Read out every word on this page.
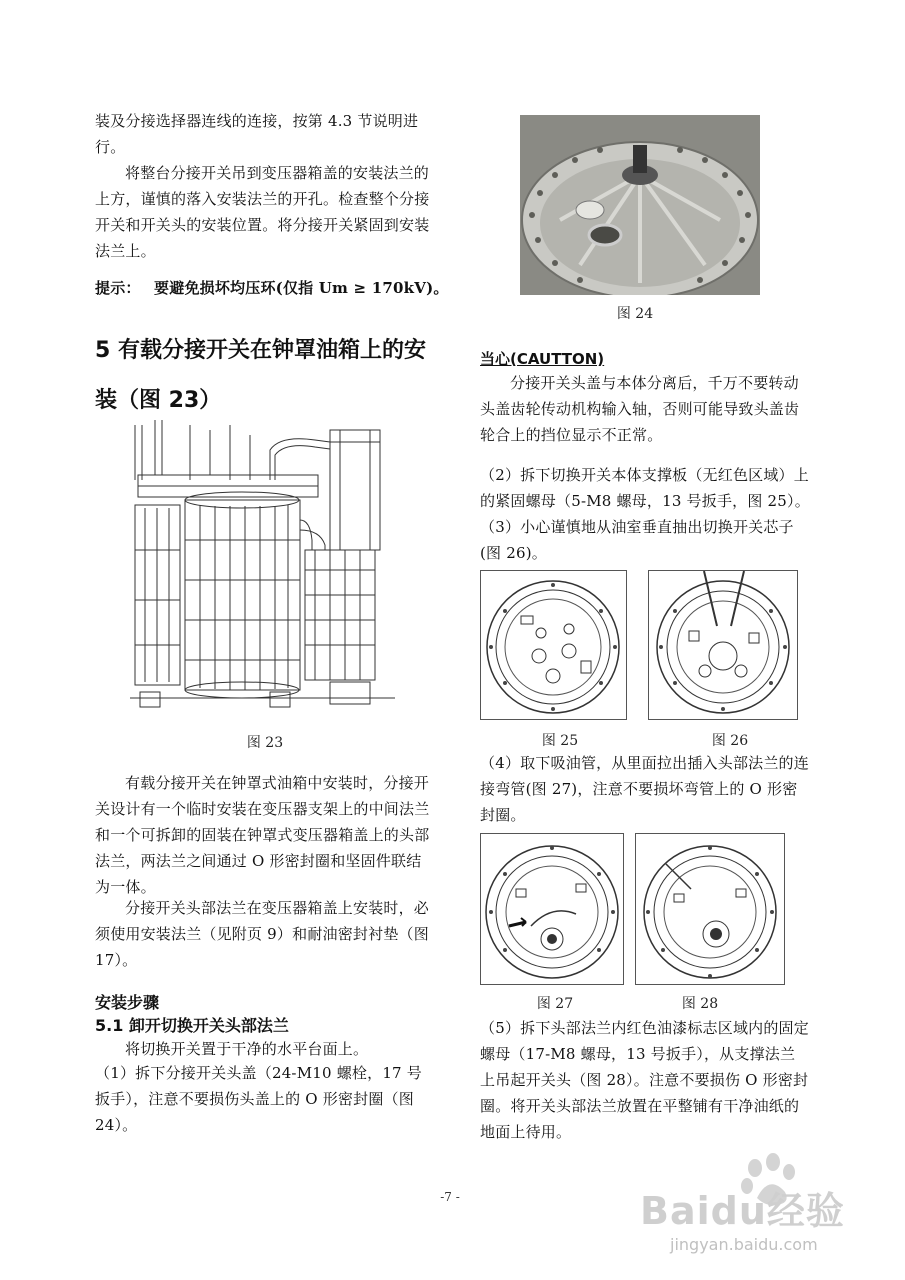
装及分接选择器连线的连接，按第 4.3 节说明进行。
将整台分接开关吊到变压器箱盖的安装法兰的上方，谨慎的落入安装法兰的开孔。检查整个分接开关和开关头的安装位置。将分接开关紧固到安装法兰上。
提示： 要避免损坏均压环(仅指 Um ≥ 170kV)。
5 有载分接开关在钟罩油箱上的安
装（图 23）
图 23
有载分接开关在钟罩式油箱中安装时，分接开关设计有一个临时安装在变压器支架上的中间法兰和一个可拆卸的固装在钟罩式变压器箱盖上的头部法兰，两法兰之间通过 O 形密封圈和坚固件联结为一体。
分接开关头部法兰在变压器箱盖上安装时，必须使用安装法兰（见附页 9）和耐油密封衬垫（图 17）。
安装步骤
5.1 卸开切换开关头部法兰
将切换开关置于干净的水平台面上。
（1）拆下分接开关头盖（24-M10 螺栓，17 号扳手），注意不要损伤头盖上的 O 形密封圈（图 24）。
图 24
当心(CAUTTON)
分接开关头盖与本体分离后，千万不要转动头盖齿轮传动机构输入轴，否则可能导致头盖齿轮合上的挡位显示不正常。
（2）拆下切换开关本体支撑板（无红色区域）上的紧固螺母（5-M8 螺母，13 号扳手，图 25）。
（3）小心谨慎地从油室垂直抽出切换开关芯子(图 26)。
图 25	图 26
（4）取下吸油管，从里面拉出插入头部法兰的连接弯管(图 27)，注意不要损坏弯管上的 O 形密封圈。
图 27	图 28
（5）拆下头部法兰内红色油漆标志区域内的固定螺母（17-M8 螺母，13 号扳手），从支撑法兰上吊起开关头（图 28）。注意不要损伤 O 形密封圈。将开关头部法兰放置在平整铺有干净油纸的地面上待用。
-7 -	Baidu经验
jingyan.baidu.com
